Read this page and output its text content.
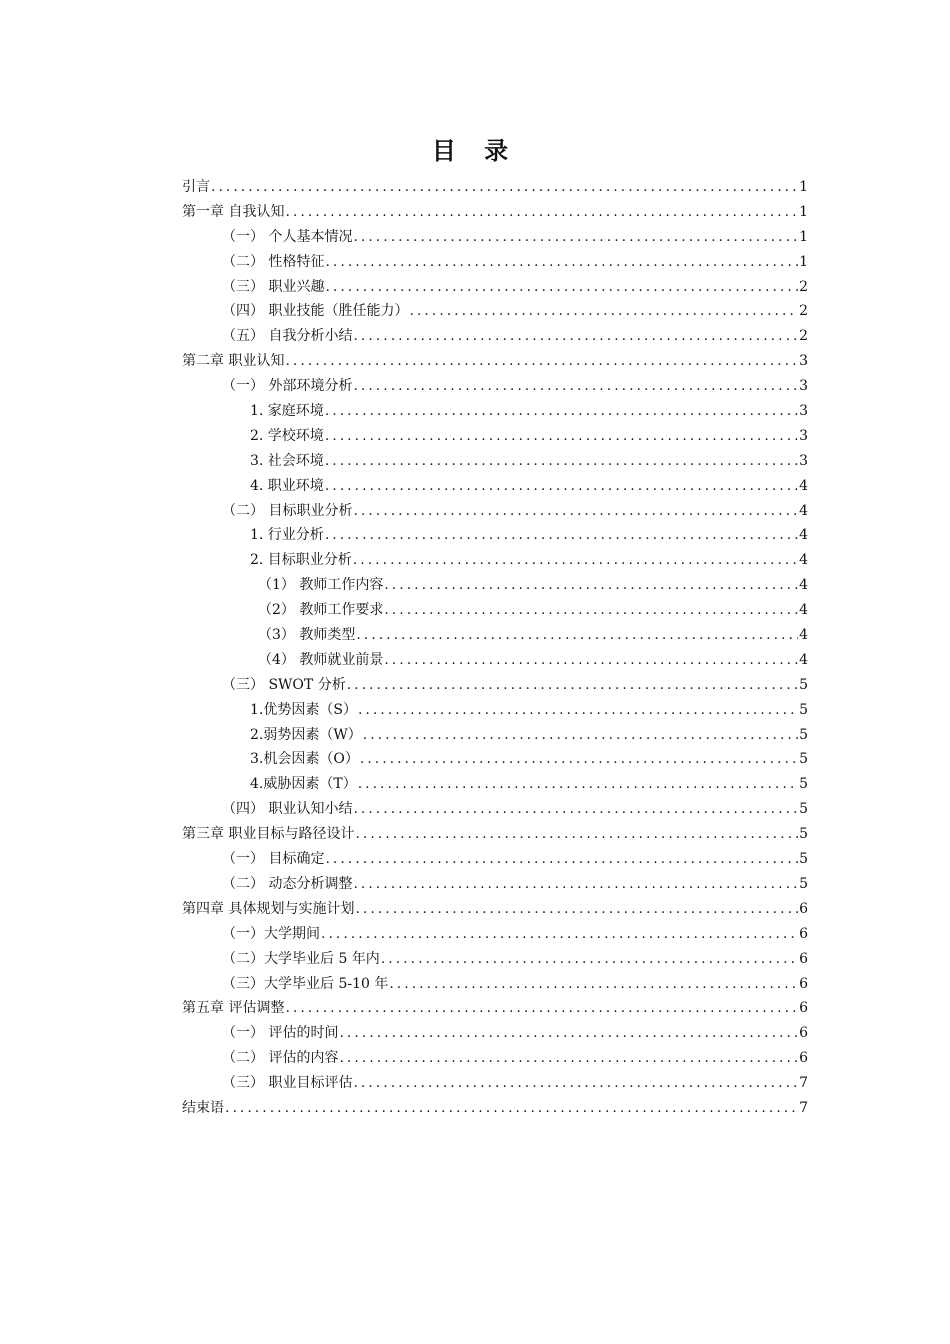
目 录
引言 .....	1
第一章 自我认知 .....	1
（一） 个人基本情况 .....	1
（二） 性格特征 .....	1
（三） 职业兴趣 .....	2
（四） 职业技能（胜任能力） .....	2
（五） 自我分析小结 .....	2
第二章 职业认知 .....	3
（一） 外部环境分析 .....	3
1. 家庭环境 .....	3
2. 学校环境 .....	3
3. 社会环境 .....	3
4. 职业环境 .....	4
（二） 目标职业分析 .....	4
1. 行业分析 .....	4
2. 目标职业分析 .....	4
（1） 教师工作内容 .....	4
（2） 教师工作要求 .....	4
（3） 教师类型 .....	4
（4） 教师就业前景 .....	4
（三） SWOT 分析 .....	5
1.优势因素（S） .....	5
2.弱势因素（W） .....	5
3.机会因素（O） .....	5
4.威胁因素（T） .....	5
（四） 职业认知小结 .....	5
第三章 职业目标与路径设计 .....	5
（一） 目标确定 .....	5
（二） 动态分析调整 .....	5
第四章 具体规划与实施计划 .....	6
（一）大学期间 .....	6
（二）大学毕业后 5 年内 .....	6
（三）大学毕业后 5-10 年 .....	6
第五章 评估调整 .....	6
（一） 评估的时间 .....	6
（二） 评估的内容 .....	6
（三） 职业目标评估 .....	7
结束语 .....	7
